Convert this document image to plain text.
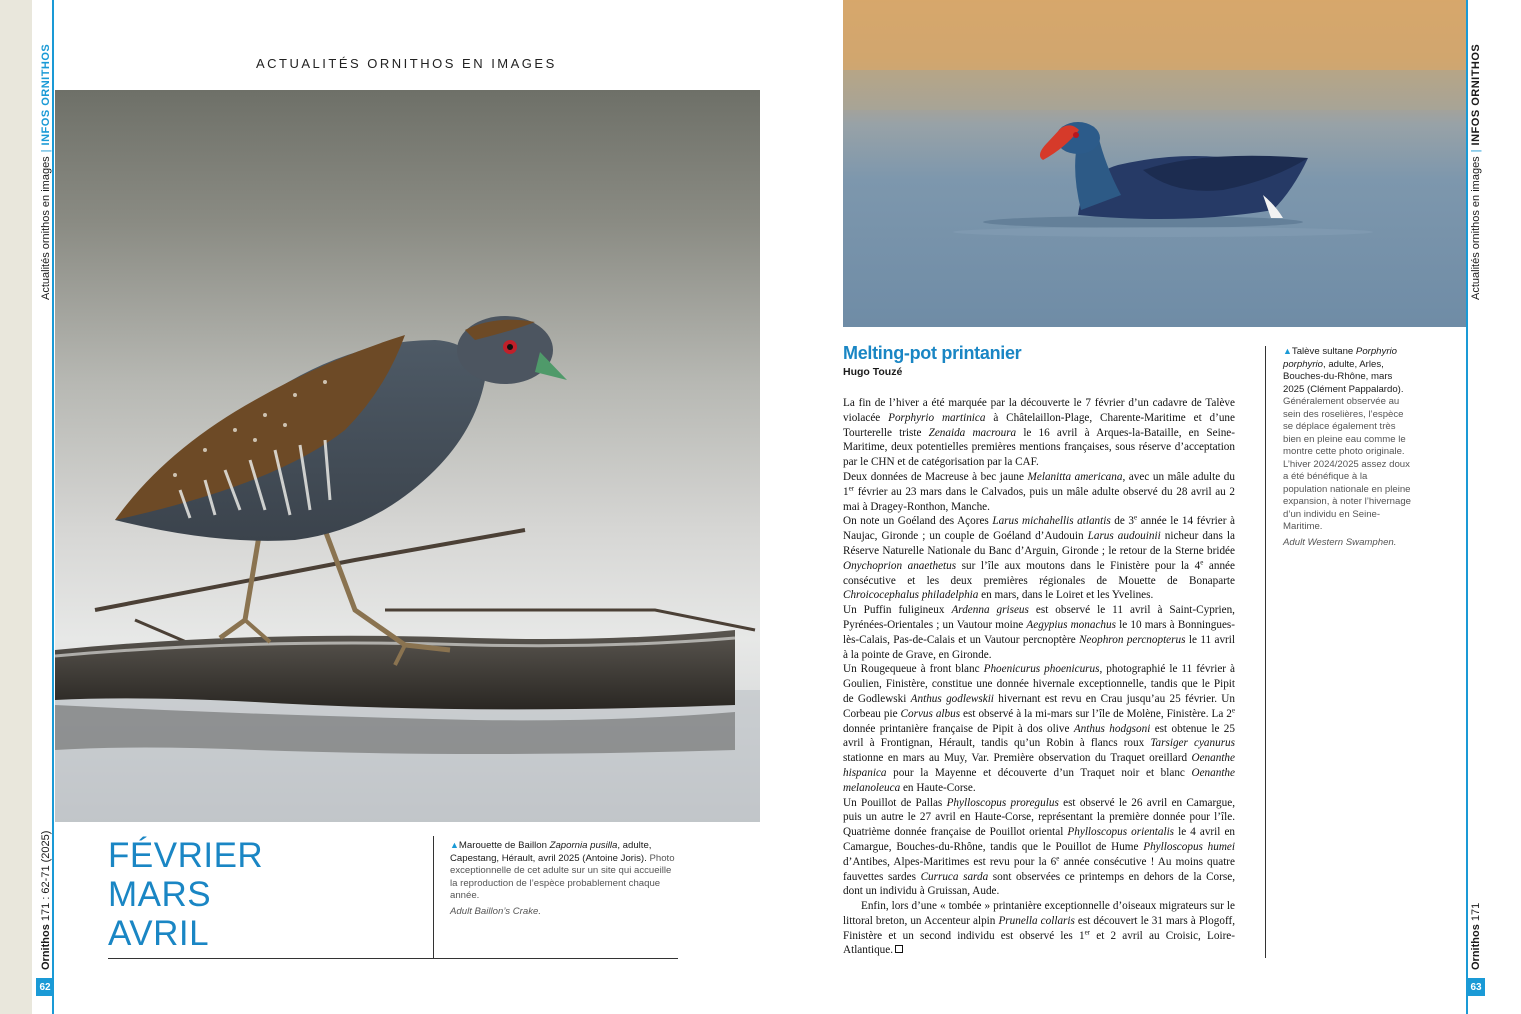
Actualités ornithos en images|INFOS ORNITHOS
Ornithos 171 : 62-71 (2025)
62
Actualités ornithos en images|INFOS ORNITHOS
Ornithos 171
63
ACTUALITÉS ORNITHOS EN IMAGES
FÉVRIER
MARS
AVRIL
▲Marouette de Baillon Zapornia pusilla, adulte, Capestang, Hérault, avril 2025 (Antoine Joris). Photo exceptionnelle de cet adulte sur un site qui accueille la reproduction de l’espèce probablement chaque année.
Adult Baillon’s Crake.
Melting-pot printanier
Hugo Touzé

La fin de l’hiver a été marquée par la découverte le 7 février d’un cadavre de Talève violacée Porphyrio martinica à Châtelaillon-Plage, Charente-Maritime et d’une Tourterelle triste Zenaida macroura le 16 avril à Arques-la-Bataille, en Seine-Maritime, deux potentielles premières mentions françaises, sous réserve d’acceptation par le CHN et de catégorisation par la CAF.

Deux données de Macreuse à bec jaune Melanitta americana, avec un mâle adulte du 1er février au 23 mars dans le Calvados, puis un mâle adulte observé du 28 avril au 2 mai à Dragey-Ronthon, Manche.

On note un Goéland des Açores Larus michahellis atlantis de 3e année le 14 février à Naujac, Gironde ; un couple de Goéland d’Audouin Larus audouinii nicheur dans la Réserve Naturelle Nationale du Banc d’Arguin, Gironde ; le retour de la Sterne bridée Onychoprion anaethetus sur l’île aux moutons dans le Finistère pour la 4e année consécutive et les deux premières régionales de Mouette de Bonaparte Chroicocephalus philadelphia en mars, dans le Loiret et les Yvelines.

Un Puffin fuligineux Ardenna griseus est observé le 11 avril à Saint-Cyprien, Pyrénées-Orientales ; un Vautour moine Aegypius monachus le 10 mars à Bonningues-lès-Calais, Pas-de-Calais et un Vautour percnoptère Neophron percnopterus le 11 avril à la pointe de Grave, en Gironde.

Un Rougequeue à front blanc Phoenicurus phoenicurus, photographié le 11 février à Goulien, Finistère, constitue une donnée hivernale exceptionnelle, tandis que le Pipit de Godlewski Anthus godlewskii hivernant est revu en Crau jusqu’au 25 février. Un Corbeau pie Corvus albus est observé à la mi-mars sur l’île de Molène, Finistère. La 2e donnée printanière française de Pipit à dos olive Anthus hodgsoni est obtenue le 25 avril à Frontignan, Hérault, tandis qu’un Robin à flancs roux Tarsiger cyanurus stationne en mars au Muy, Var. Première observation du Traquet oreillard Oenanthe hispanica pour la Mayenne et découverte d’un Traquet noir et blanc Oenanthe melanoleuca en Haute-Corse.

Un Pouillot de Pallas Phylloscopus proregulus est observé le 26 avril en Camargue, puis un autre le 27 avril en Haute-Corse, représentant la première donnée pour l’île. Quatrième donnée française de Pouillot oriental Phylloscopus orientalis le 4 avril en Camargue, Bouches-du-Rhône, tandis que le Pouillot de Hume Phylloscopus humei d’Antibes, Alpes-Maritimes est revu pour la 6e année consécutive ! Au moins quatre fauvettes sardes Curruca sarda sont observées ce printemps en dehors de la Corse, dont un individu à Gruissan, Aude.

Enfin, lors d’une « tombée » printanière exceptionnelle d’oiseaux migrateurs sur le littoral breton, un Accenteur alpin Prunella collaris est découvert le 31 mars à Plogoff, Finistère et un second individu est observé les 1er et 2 avril au Croisic, Loire-Atlantique.

▲Talève sultane Porphyrio porphyrio, adulte, Arles, Bouches-du-Rhône, mars 2025 (Clément Pappalardo). Généralement observée au sein des roselières, l’espèce se déplace également très bien en pleine eau comme le montre cette photo originale. L’hiver 2024/2025 assez doux a été bénéfique à la population nationale en pleine expansion, à noter l’hivernage d’un individu en Seine-Maritime.
Adult Western Swamphen.
